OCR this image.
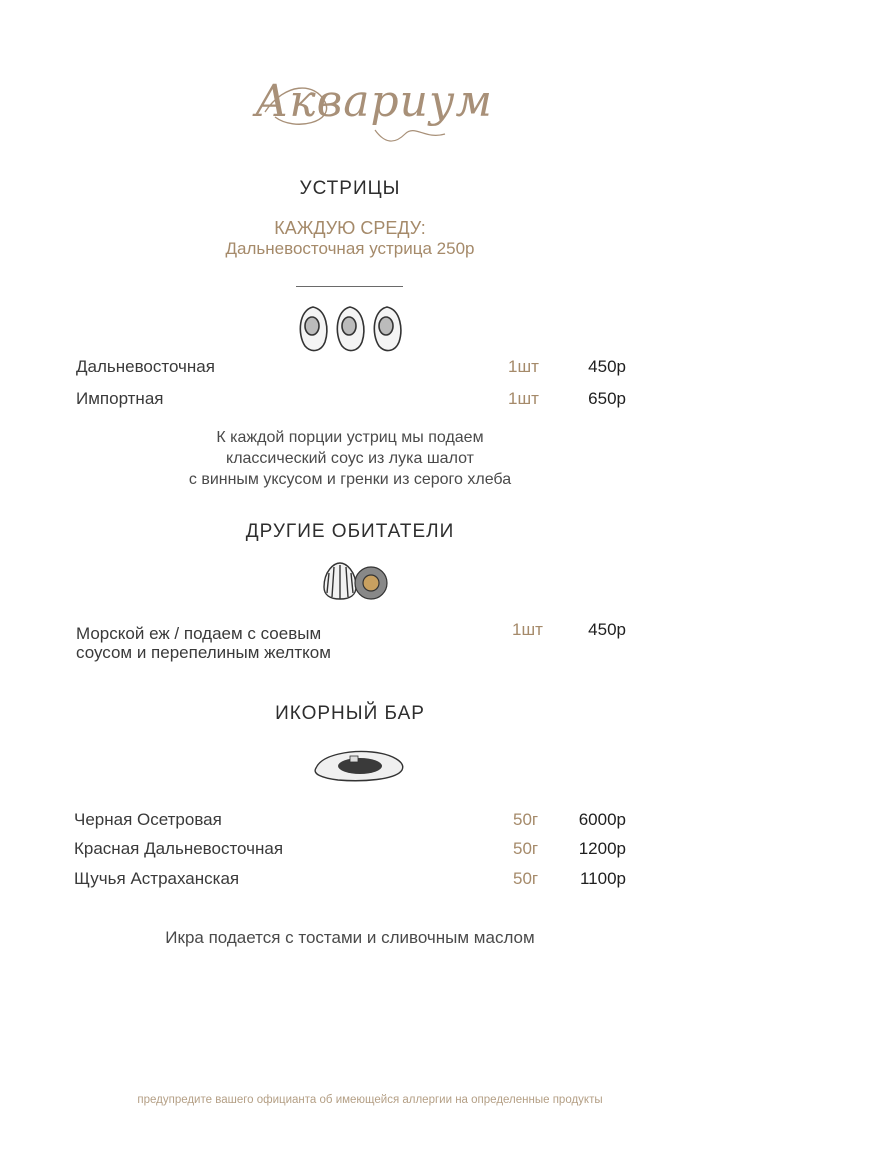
Аквариум
УСТРИЦЫ
КАЖДУЮ СРЕДУ:
Дальневосточная устрица 250р
Дальневосточная	1шт	450р
Импортная	1шт	650р
К каждой порции устриц мы подаем
классический соус из лука шалот
с винным уксусом и гренки из серого хлеба
ДРУГИЕ ОБИТАТЕЛИ
Морской еж / подаем с соевым
соусом и перепелиным желтком
1шт	450р
ИКОРНЫЙ БАР
Черная Осетровая	50г	6000р
Красная Дальневосточная	50г	1200р
Щучья Астраханская	50г	1100р
Икра подается с тостами и сливочным маслом
предупредите вашего официанта об имеющейся аллергии на определенные продукты
